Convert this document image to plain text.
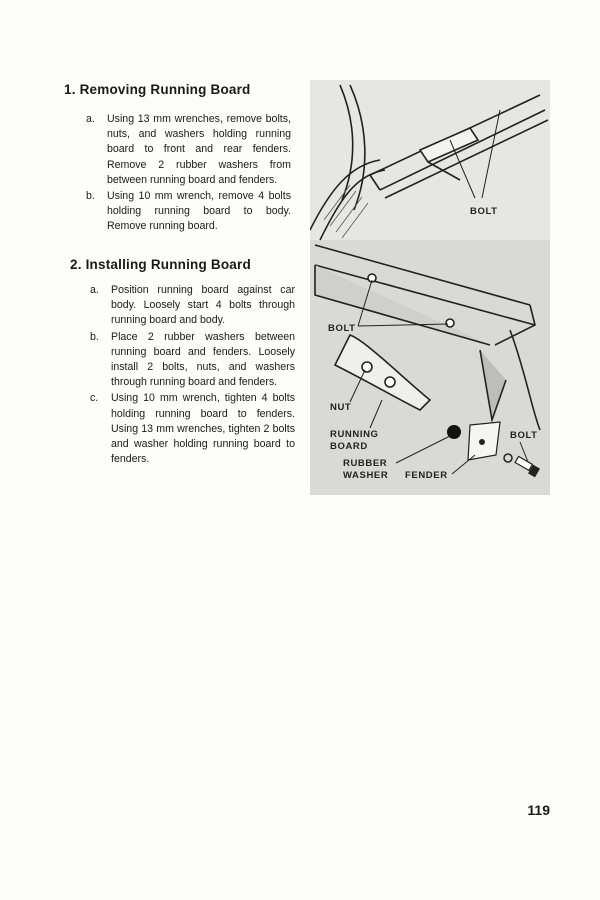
1. Removing Running Board
a. Using 13 mm wrenches, remove bolts, nuts, and washers holding running board to front and rear fenders. Remove 2 rubber washers from between running board and fenders.
b. Using 10 mm wrench, remove 4 bolts holding running board to body. Remove running board.
2. Installing Running Board
a. Position running board against car body. Loosely start 4 bolts through running board and body.
b. Place 2 rubber washers between running board and fenders. Loosely install 2 bolts, nuts, and washers through running board and fenders.
c. Using 10 mm wrench, tighten 4 bolts holding running board to fenders. Using 13 mm wrenches, tighten 2 bolts and washer holding running board to fenders.
BOLT
BOLT
NUT
RUNNING
BOARD
BOLT
RUBBER
WASHER FENDER
119
